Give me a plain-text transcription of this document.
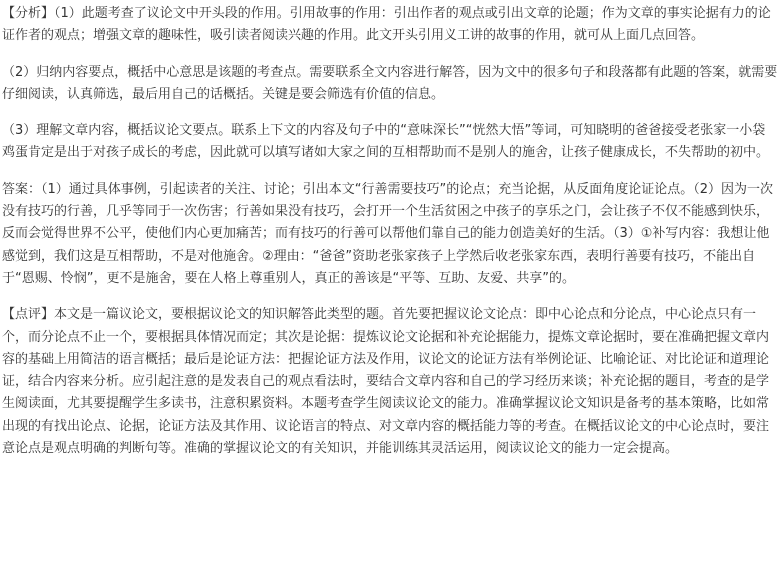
【分析】（1）此题考查了议论文中开头段的作用。引用故事的作用：引出作者的观点或引出文章的论题；作为文章的事实论据有力的论证作者的观点；增强文章的趣味性，吸引读者阅读兴趣的作用。此文开头引用义工讲的故事的作用，就可从上面几点回答。

（2）归纳内容要点，概括中心意思是该题的考查点。需要联系全文内容进行解答，因为文中的很多句子和段落都有此题的答案，就需要仔细阅读，认真筛选，最后用自己的话概括。关键是要会筛选有价值的信息。

（3）理解文章内容，概括议论文要点。联系上下文的内容及句子中的“意味深长”“恍然大悟”等词，可知晓明的爸爸接受老张家一小袋鸡蛋肯定是出于对孩子成长的考虑，因此就可以填写诸如大家之间的互相帮助而不是别人的施舍，让孩子健康成长，不失帮助的初中。

答案：（1）通过具体事例，引起读者的关注、讨论；引出本文“行善需要技巧”的论点；充当论据，从反面角度论证论点。（2）因为一次没有技巧的行善，几乎等同于一次伤害；行善如果没有技巧，会打开一个生活贫困之中孩子的享乐之门，会让孩子不仅不能感到快乐，反而会觉得世界不公平，使他们内心更加痛苦；而有技巧的行善可以帮他们靠自己的能力创造美好的生活。（3）①补写内容：我想让他感觉到，我们这是互相帮助，不是对他施舍。②理由：“爸爸”资助老张家孩子上学然后收老张家东西，表明行善要有技巧，不能出自于“恩赐、怜悯”，更不是施舍，要在人格上尊重别人，真正的善该是“平等、互助、友爱、共享”的。

【点评】本文是一篇议论文，要根据议论文的知识解答此类型的题。首先要把握议论文论点：即中心论点和分论点，中心论点只有一个，而分论点不止一个，要根据具体情况而定；其次是论据：提炼议论文论据和补充论据能力，提炼文章论据时，要在准确把握文章内容的基础上用简洁的语言概括；最后是论证方法：把握论证方法及作用，议论文的论证方法有举例论证、比喻论证、对比论证和道理论证，结合内容来分析。应引起注意的是发表自己的观点看法时，要结合文章内容和自己的学习经历来谈；补充论据的题目，考查的是学生阅读面，尤其要提醒学生多读书，注意积累资料。本题考查学生阅读议论文的能力。准确掌握议论文知识是备考的基本策略，比如常出现的有找出论点、论据，论证方法及其作用、议论语言的特点、对文章内容的概括能力等的考查。在概括议论文的中心论点时，要注意论点是观点明确的判断句等。准确的掌握议论文的有关知识，并能训练其灵活运用，阅读议论文的能力一定会提高。
